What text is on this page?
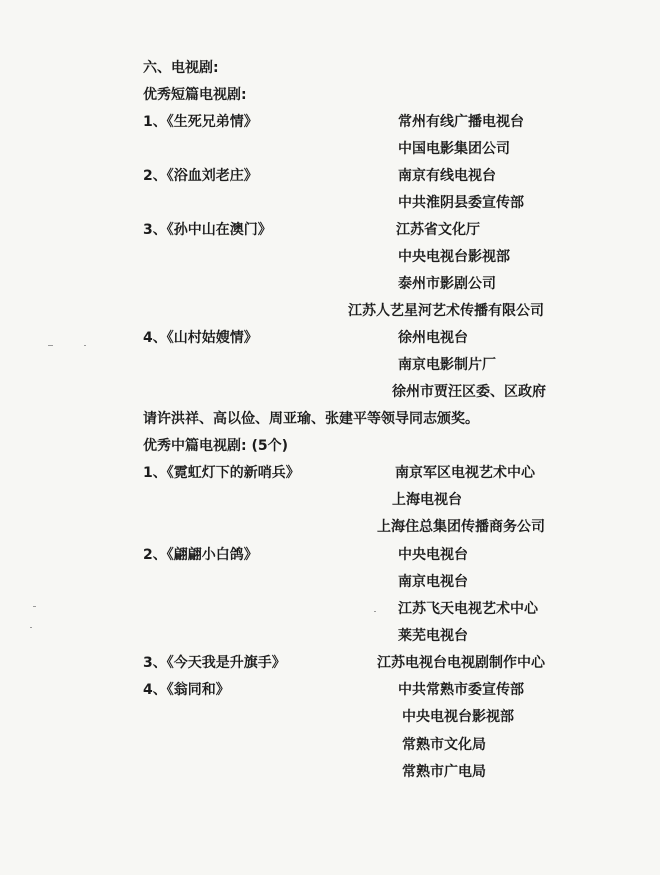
六、电视剧:
优秀短篇电视剧:
1、《生死兄弟情》	常州有线广播电视台
中国电影集团公司
2、《浴血刘老庄》	南京有线电视台
中共淮阴县委宣传部
3、《孙中山在澳门》	江苏省文化厅
中央电视台影视部
泰州市影剧公司
江苏人艺星河艺术传播有限公司
4、《山村姑嫂情》	徐州电视台
南京电影制片厂
徐州市贾汪区委、区政府
请许洪祥、高以俭、周亚瑜、张建平等领导同志颁奖。
优秀中篇电视剧: (5个)
1、《霓虹灯下的新哨兵》	南京军区电视艺术中心
上海电视台
上海住总集团传播商务公司
2、《翩翩小白鸽》	中央电视台
南京电视台
江苏飞天电视艺术中心
莱芜电视台
3、《今天我是升旗手》	江苏电视台电视剧制作中心
4、《翁同和》	中共常熟市委宣传部
中央电视台影视部
常熟市文化局
常熟市广电局
